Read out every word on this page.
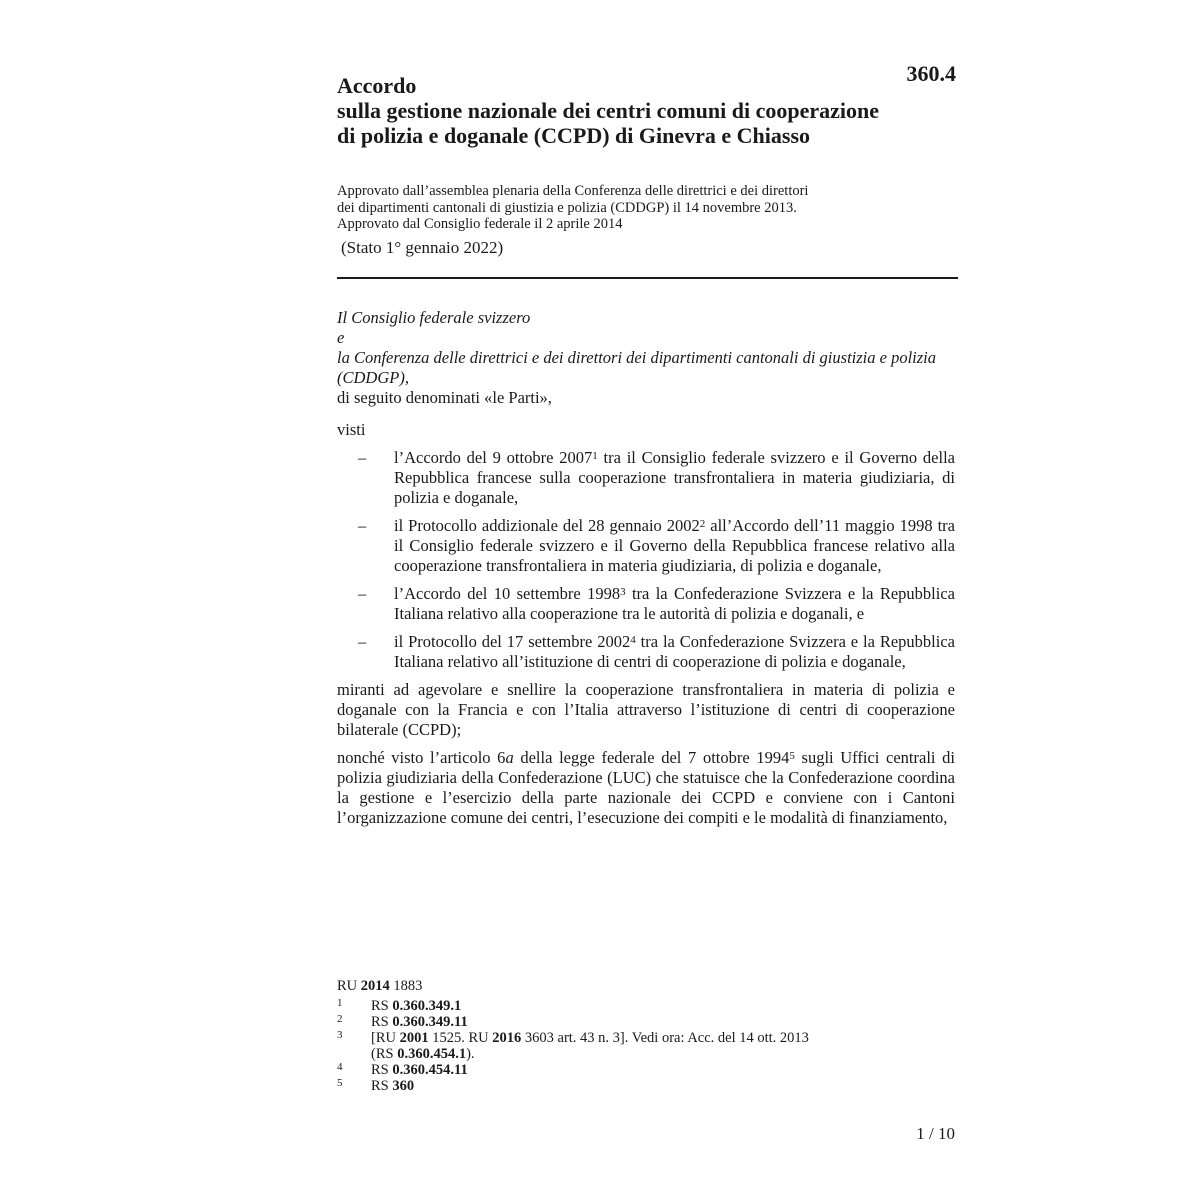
360.4
Accordo
sulla gestione nazionale dei centri comuni di cooperazione
di polizia e doganale (CCPD) di Ginevra e Chiasso
Approvato dall’assemblea plenaria della Conferenza delle direttrici e dei direttori
dei dipartimenti cantonali di giustizia e polizia (CDDGP) il 14 novembre 2013.
Approvato dal Consiglio federale il 2 aprile 2014
(Stato 1° gennaio 2022)

Il Consiglio federale svizzero

e

la Conferenza delle direttrici e dei direttori dei dipartimenti cantonali di giustizia e polizia (CDDGP),

di seguito denominati «le Parti»,

visti

– l’Accordo del 9 ottobre 2007$^1$ tra il Consiglio federale svizzero e il Governo della Repubblica francese sulla cooperazione transfrontaliera in materia giudiziaria, di polizia e doganale,
– il Protocollo addizionale del 28 gennaio 2002$^2$ all’Accordo dell’11 maggio 1998 tra il Consiglio federale svizzero e il Governo della Repubblica francese relativo alla cooperazione transfrontaliera in materia giudiziaria, di polizia e doganale,
– l’Accordo del 10 settembre 1998$^3$ tra la Confederazione Svizzera e la Repubblica Italiana relativo alla cooperazione tra le autorità di polizia e doganali, e
– il Protocollo del 17 settembre 2002$^4$ tra la Confederazione Svizzera e la Repubblica Italiana relativo all’istituzione di centri di cooperazione di polizia e doganale,

miranti ad agevolare e snellire la cooperazione transfrontaliera in materia di polizia e doganale con la Francia e con l’Italia attraverso l’istituzione di centri di cooperazione bilaterale (CCPD);

nonché visto l’articolo 6a della legge federale del 7 ottobre 1994$^5$ sugli Uffici centrali di polizia giudiziaria della Confederazione (LUC) che statuisce che la Confederazione coordina la gestione e l’esercizio della parte nazionale dei CCPD e conviene con i Cantoni l’organizzazione comune dei centri, l’esecuzione dei compiti e le modalità di finanziamento,

RU 2014 1883
1 RS 0.360.349.1
2 RS 0.360.349.11
3 [RU 2001 1525. RU 2016 3603 art. 43 n. 3]. Vedi ora: Acc. del 14 ott. 2013
(RS 0.360.454.1).
4 RS 0.360.454.11
5 RS 360
1 / 10
